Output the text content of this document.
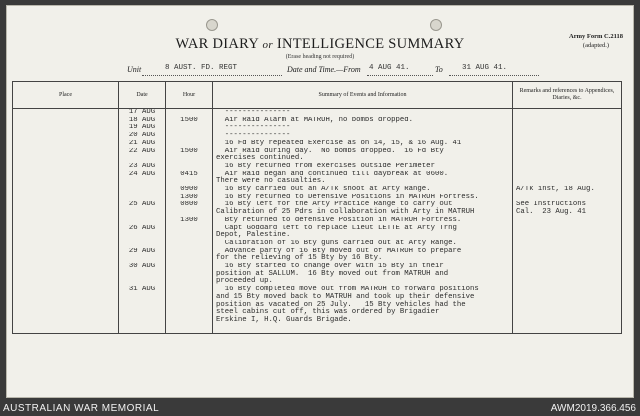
WAR DIARY or INTELLIGENCE SUMMARY
(Erase heading not required)
Army Form C.2118
(adapted.)
Unit	8 AUST. FD. REGT	Date and Time.—From 4 AUG 41.	To	31 AUG 41.
Place	Date	Hour	Summary of Events and Information	Remarks and references to Appendices, Diaries, &c.
	17 AUG		---------------	
	18 AUG	1500	Air Raid Alarm at MATRUH, no bombs dropped.	
	19 AUG		---------------	
	20 AUG		---------------	
	21 AUG		16 Fd Bty repeated Exercise as on 14, 15, & 16 Aug. 41	
	22 AUG	1500	Air Raid during day.  No bombs dropped.  16 Fd Bty
exercises continued.	
	23 AUG		16 Bty returned from exercises outside Perimeter	
	24 AUG	0415	Air Raid began and continued till daybreak at 0600.
There were no casualties.	
		0900	16 Bty carried out an A/Tk shoot at Arty Range.	A/Tk inst, 18 Aug.
		1300	16 Bty returned to Defensive Positions in MATRUH Fortress.	
	25 AUG	0800	16 Bty left for the Arty Practice Range to carry out
Calibration of 25 Pdrs in collaboration with Arty in MATRUH	See Instructions
Cal.  23 Aug. 41
		1300	Bty returned to defensive Position in MATRUH Fortress.	
	26 AUG		Capt Goddard left to replace Lieut LETTE at Arty Trng
Depot, Palestine.	
			Calibration of 16 Bty guns carried out at Arty Range.	
	29 AUG		Advance party of 16 Bty moved out of MATRUH to prepare
for the relieving of 15 Bty by 16 Bty.	
	30 AUG		16 Bty started to change over with 15 Bty in their
position at SALLUM.  16 Bty moved out from MATRUH and
proceeded up.	
	31 AUG		16 Bty completed move out from MATRUH to forward positions
and 15 Bty moved back to MATRUH and took up their defensive
position as vacated on 25 July.   15 Bty vehicles had the
steel cabins cut off, this was ordered by Brigadier
Erskine I, H.Q. Guards Brigade.	

AUSTRALIAN WAR MEMORIAL	AWM2019.366.456
